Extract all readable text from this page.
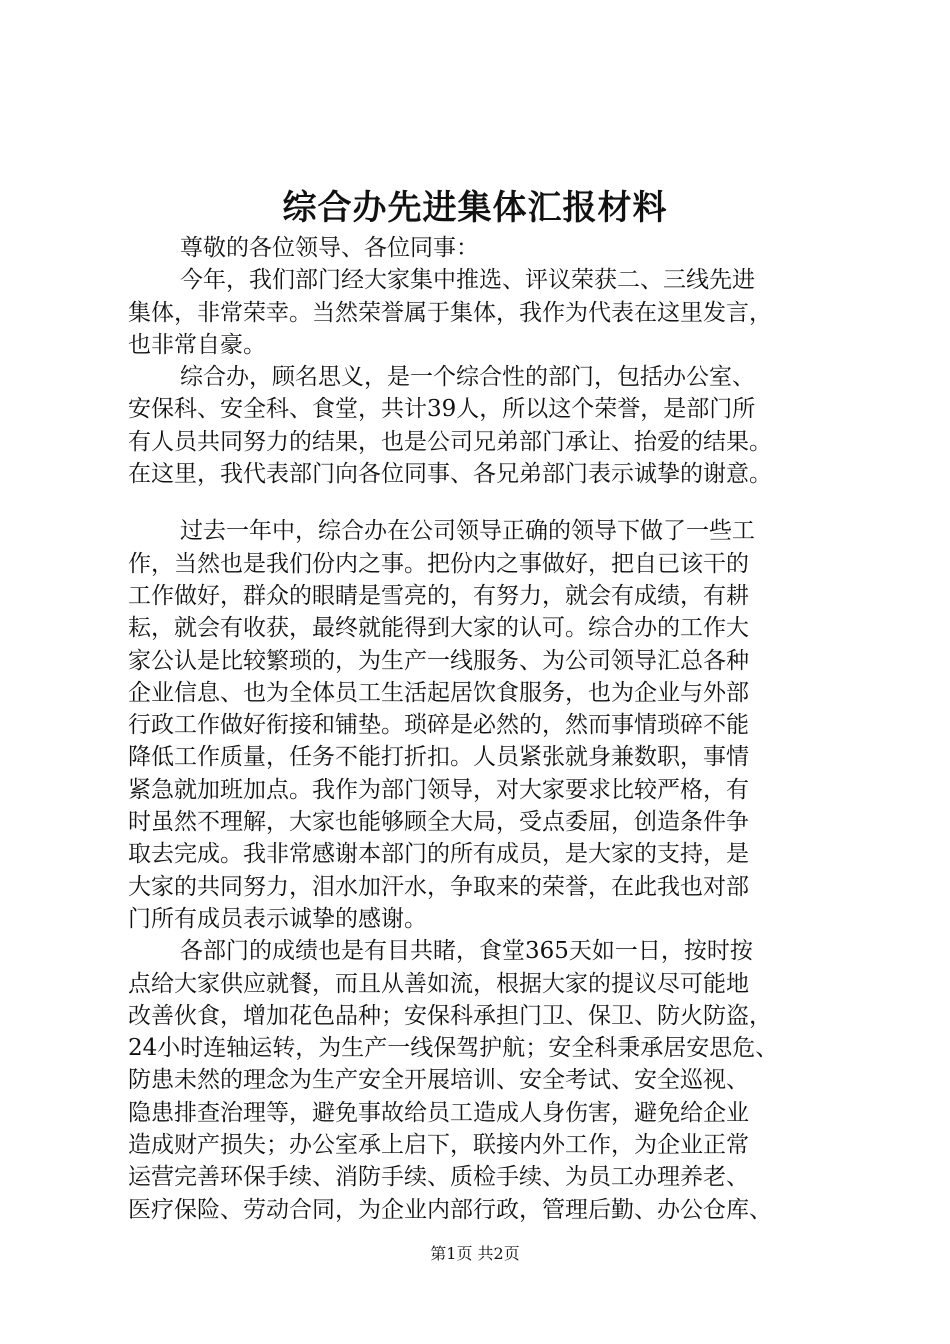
综合办先进集体汇报材料
尊敬的各位领导、各位同事：
今年，我们部门经大家集中推选、评议荣获二、三线先进
集体，非常荣幸。当然荣誉属于集体，我作为代表在这里发言，
也非常自豪。
综合办，顾名思义，是一个综合性的部门，包括办公室、
安保科、安全科、食堂，共计39人，所以这个荣誉，是部门所
有人员共同努力的结果，也是公司兄弟部门承让、抬爱的结果。
在这里，我代表部门向各位同事、各兄弟部门表示诚挚的谢意。
过去一年中，综合办在公司领导正确的领导下做了一些工
作，当然也是我们份内之事。把份内之事做好，把自已该干的
工作做好，群众的眼睛是雪亮的，有努力，就会有成绩，有耕
耘，就会有收获，最终就能得到大家的认可。综合办的工作大
家公认是比较繁琐的，为生产一线服务、为公司领导汇总各种
企业信息、也为全体员工生活起居饮食服务，也为企业与外部
行政工作做好衔接和铺垫。琐碎是必然的，然而事情琐碎不能
降低工作质量，任务不能打折扣。人员紧张就身兼数职，事情
紧急就加班加点。我作为部门领导，对大家要求比较严格，有
时虽然不理解，大家也能够顾全大局，受点委屈，创造条件争
取去完成。我非常感谢本部门的所有成员，是大家的支持，是
大家的共同努力，泪水加汗水，争取来的荣誉，在此我也对部
门所有成员表示诚挚的感谢。
各部门的成绩也是有目共睹，食堂365天如一日，按时按
点给大家供应就餐，而且从善如流，根据大家的提议尽可能地
改善伙食，增加花色品种；安保科承担门卫、保卫、防火防盗，
24小时连轴运转，为生产一线保驾护航；安全科秉承居安思危、
防患未然的理念为生产安全开展培训、安全考试、安全巡视、
隐患排查治理等，避免事故给员工造成人身伤害，避免给企业
造成财产损失；办公室承上启下，联接内外工作，为企业正常
运营完善环保手续、消防手续、质检手续、为员工办理养老、
医疗保险、劳动合同，为企业内部行政，管理后勤、办公仓库、
第1页 共2页
